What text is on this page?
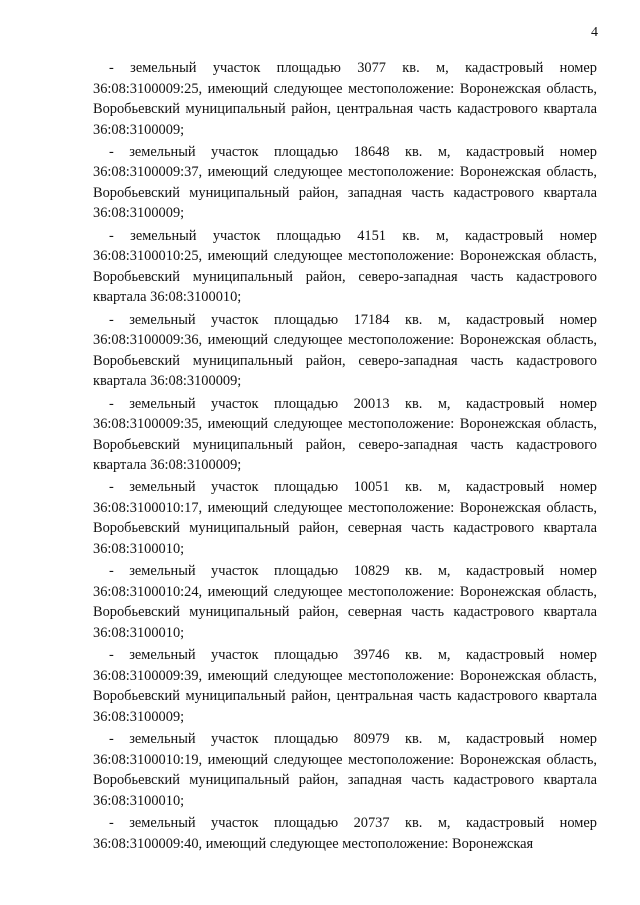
4

- земельный участок площадью 3077 кв. м, кадастровый номер 36:08:3100009:25, имеющий следующее местоположение: Воронежская область, Воробьевский муниципальный район, центральная часть кадастрового квартала 36:08:3100009;

- земельный участок площадью 18648 кв. м, кадастровый номер 36:08:3100009:37, имеющий следующее местоположение: Воронежская область, Воробьевский муниципальный район, западная часть кадастрового квартала 36:08:3100009;

- земельный участок площадью 4151 кв. м, кадастровый номер 36:08:3100010:25, имеющий следующее местоположение: Воронежская область, Воробьевский муниципальный район, северо-западная часть кадастрового квартала 36:08:3100010;

- земельный участок площадью 17184 кв. м, кадастровый номер 36:08:3100009:36, имеющий следующее местоположение: Воронежская область, Воробьевский муниципальный район, северо-западная часть кадастрового квартала 36:08:3100009;

- земельный участок площадью 20013 кв. м, кадастровый номер 36:08:3100009:35, имеющий следующее местоположение: Воронежская область, Воробьевский муниципальный район, северо-западная часть кадастрового квартала 36:08:3100009;

- земельный участок площадью 10051 кв. м, кадастровый номер 36:08:3100010:17, имеющий следующее местоположение: Воронежская область, Воробьевский муниципальный район, северная часть кадастрового квартала 36:08:3100010;

- земельный участок площадью 10829 кв. м, кадастровый номер 36:08:3100010:24, имеющий следующее местоположение: Воронежская область, Воробьевский муниципальный район, северная часть кадастрового квартала 36:08:3100010;

- земельный участок площадью 39746 кв. м, кадастровый номер 36:08:3100009:39, имеющий следующее местоположение: Воронежская область, Воробьевский муниципальный район, центральная часть кадастрового квартала 36:08:3100009;

- земельный участок площадью 80979 кв. м, кадастровый номер 36:08:3100010:19, имеющий следующее местоположение: Воронежская область, Воробьевский муниципальный район, западная часть кадастрового квартала 36:08:3100010;

- земельный участок площадью 20737 кв. м, кадастровый номер 36:08:3100009:40, имеющий следующее местоположение: Воронежская
